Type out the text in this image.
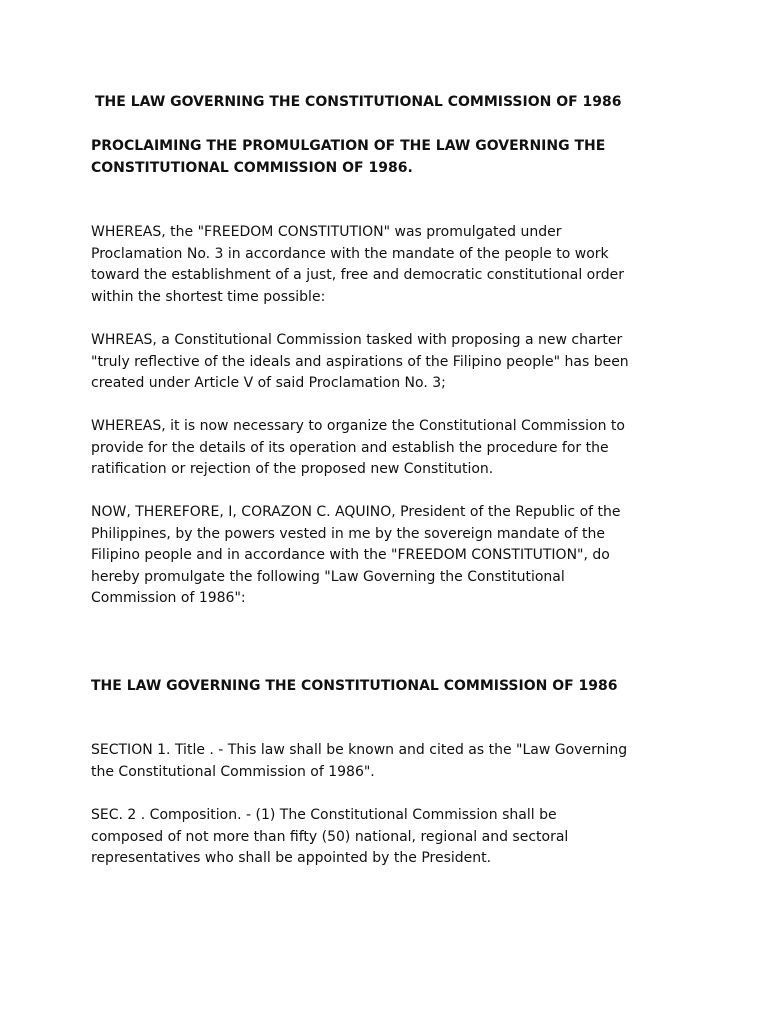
THE LAW GOVERNING THE CONSTITUTIONAL COMMISSION OF 1986

PROCLAIMING THE PROMULGATION OF THE LAW GOVERNING THE
CONSTITUTIONAL COMMISSION OF 1986.

WHEREAS, the "FREEDOM CONSTITUTION" was promulgated under
Proclamation No. 3 in accordance with the mandate of the people to work
toward the establishment of a just, free and democratic constitutional order
within the shortest time possible:

WHREAS, a Constitutional Commission tasked with proposing a new charter
"truly reflective of the ideals and aspirations of the Filipino people" has been
created under Article V of said Proclamation No. 3;

WHEREAS, it is now necessary to organize the Constitutional Commission to
provide for the details of its operation and establish the procedure for the
ratification or rejection of the proposed new Constitution.

NOW, THEREFORE, I, CORAZON C. AQUINO, President of the Republic of the
Philippines, by the powers vested in me by the sovereign mandate of the
Filipino people and in accordance with the "FREEDOM CONSTITUTION", do
hereby promulgate the following "Law Governing the Constitutional
Commission of 1986":

THE LAW GOVERNING THE CONSTITUTIONAL COMMISSION OF 1986

SECTION 1. Title . - This law shall be known and cited as the "Law Governing
the Constitutional Commission of 1986".

SEC. 2 . Composition. - (1) The Constitutional Commission shall be
composed of not more than fifty (50) national, regional and sectoral
representatives who shall be appointed by the President.
